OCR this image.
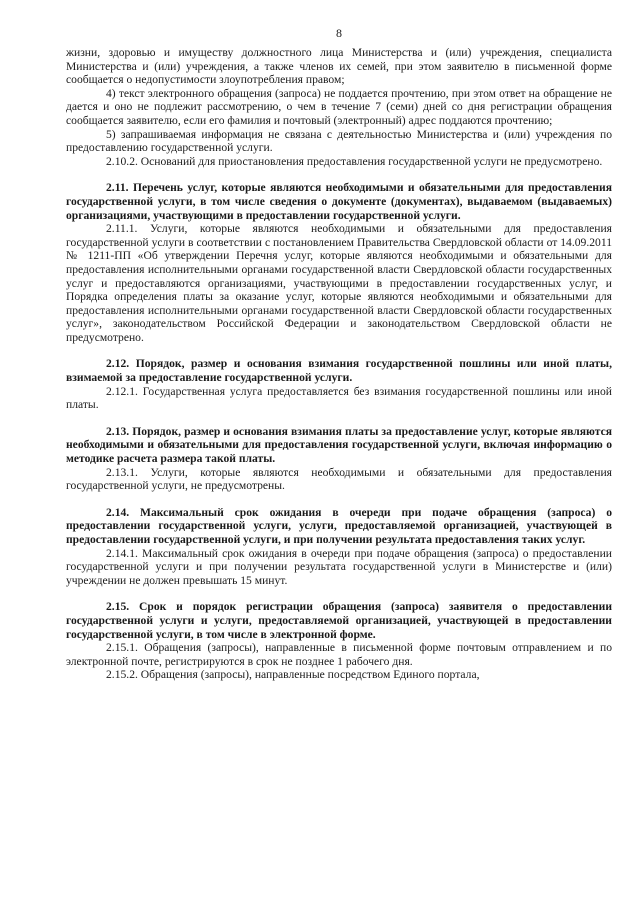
8

жизни, здоровью и имуществу должностного лица Министерства и (или) учреждения, специалиста Министерства и (или) учреждения, а также членов их семей, при этом заявителю в письменной форме сообщается о недопустимости злоупотребления правом;

4) текст электронного обращения (запроса) не поддается прочтению, при этом ответ на обращение не дается и оно не подлежит рассмотрению, о чем в течение 7 (семи) дней со дня регистрации обращения сообщается заявителю, если его фамилия и почтовый (электронный) адрес поддаются прочтению;

5) запрашиваемая информация не связана с деятельностью Министерства и (или) учреждения по предоставлению государственной услуги.

2.10.2. Оснований для приостановления предоставления государственной услуги не предусмотрено.

2.11. Перечень услуг, которые являются необходимыми и обязательными для предоставления государственной услуги, в том числе сведения о документе (документах), выдаваемом (выдаваемых) организациями, участвующими в предоставлении государственной услуги.

2.11.1. Услуги, которые являются необходимыми и обязательными для предоставления государственной услуги в соответствии с постановлением Правительства Свердловской области от 14.09.2011 № 1211-ПП «Об утверждении Перечня услуг, которые являются необходимыми и обязательными для предоставления исполнительными органами государственной власти Свердловской области государственных услуг и предоставляются организациями, участвующими в предоставлении государственных услуг, и Порядка определения платы за оказание услуг, которые являются необходимыми и обязательными для предоставления исполнительными органами государственной власти Свердловской области государственных услуг», законодательством Российской Федерации и законодательством Свердловской области не предусмотрено.

2.12. Порядок, размер и основания взимания государственной пошлины или иной платы, взимаемой за предоставление государственной услуги.

2.12.1. Государственная услуга предоставляется без взимания государственной пошлины или иной платы.

2.13. Порядок, размер и основания взимания платы за предоставление услуг, которые являются необходимыми и обязательными для предоставления государственной услуги, включая информацию о методике расчета размера такой платы.

2.13.1. Услуги, которые являются необходимыми и обязательными для предоставления государственной услуги, не предусмотрены.

2.14. Максимальный срок ожидания в очереди при подаче обращения (запроса) о предоставлении государственной услуги, услуги, предоставляемой организацией, участвующей в предоставлении государственной услуги, и при получении результата предоставления таких услуг.

2.14.1. Максимальный срок ожидания в очереди при подаче обращения (запроса) о предоставлении государственной услуги и при получении результата государственной услуги в Министерстве и (или) учреждении не должен превышать 15 минут.

2.15. Срок и порядок регистрации обращения (запроса) заявителя о предоставлении государственной услуги и услуги, предоставляемой организацией, участвующей в предоставлении государственной услуги, в том числе в электронной форме.

2.15.1. Обращения (запросы), направленные в письменной форме почтовым отправлением и по электронной почте, регистрируются в срок не позднее 1 рабочего дня.

2.15.2. Обращения (запросы), направленные посредством Единого портала,
